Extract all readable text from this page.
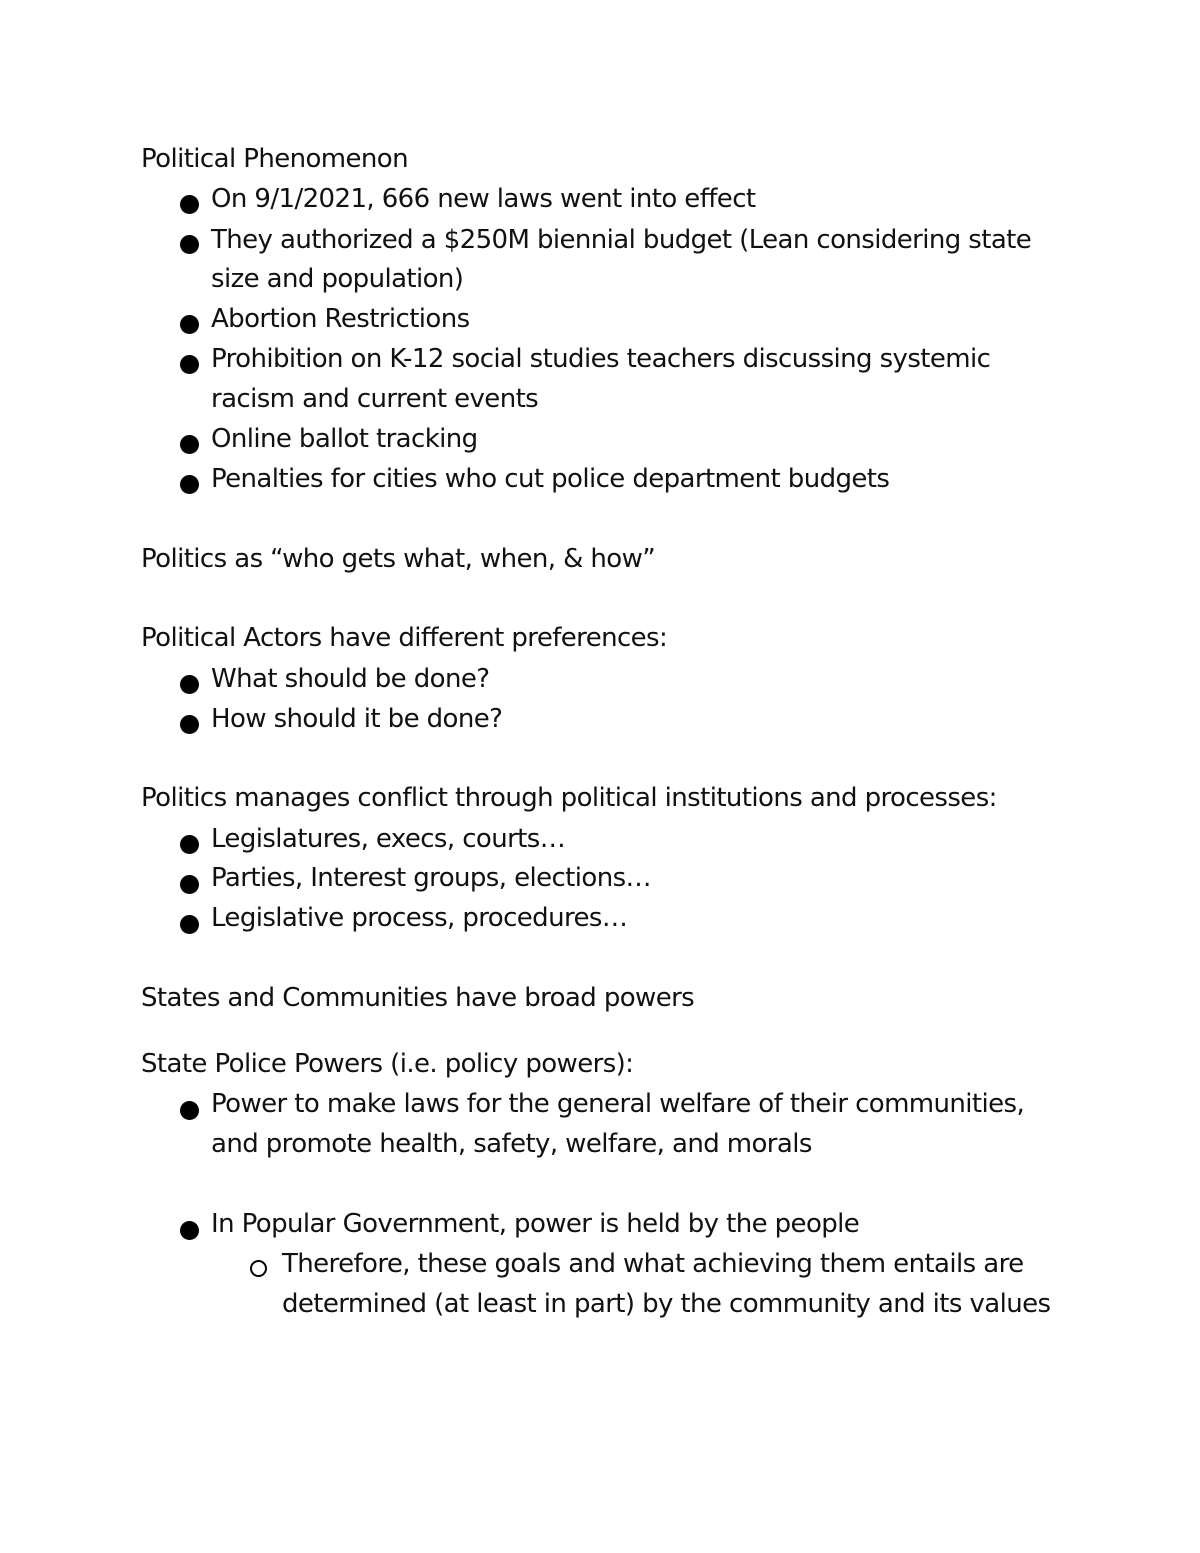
Political Phenomenon
On 9/1/2021, 666 new laws went into effect
They authorized a $250M biennial budget (Lean considering state
size and population)
Abortion Restrictions
Prohibition on K-12 social studies teachers discussing systemic
racism and current events
Online ballot tracking
Penalties for cities who cut police department budgets
Politics as “who gets what, when, & how”
Political Actors have different preferences:
What should be done?
How should it be done?
Politics manages conflict through political institutions and processes:
Legislatures, execs, courts…
Parties, Interest groups, elections…
Legislative process, procedures…
States and Communities have broad powers
State Police Powers (i.e. policy powers):
Power to make laws for the general welfare of their communities,
and promote health, safety, welfare, and morals
In Popular Government, power is held by the people
Therefore, these goals and what achieving them entails are
determined (at least in part) by the community and its values
